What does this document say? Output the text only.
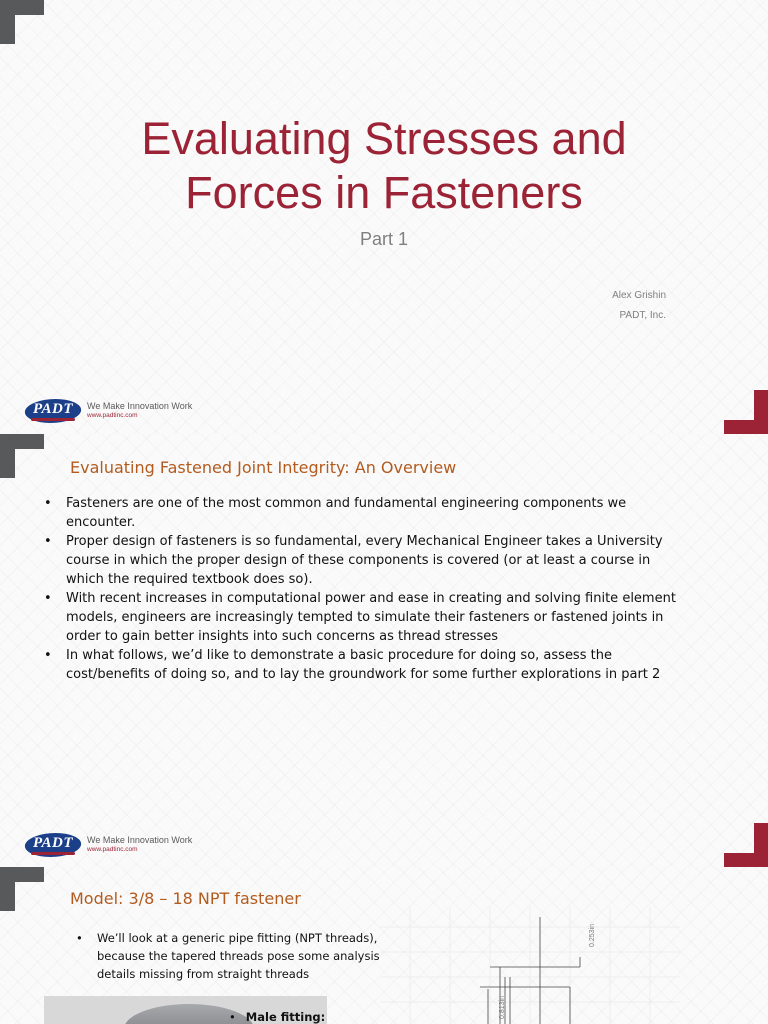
Evaluating Stresses and
Forces in Fasteners
Part 1
Alex Grishin
PADT, Inc.
PADT	We Make Innovation Work
www.padtinc.com
Evaluating Fastened Joint Integrity: An Overview
• Fasteners are one of the most common and fundamental engineering components we encounter.
• Proper design of fasteners is so fundamental, every Mechanical Engineer takes a University course in which the proper design of these components is covered (or at least a course in which the required textbook does so).
• With recent increases in computational power and ease in creating and solving finite element models, engineers are increasingly tempted to simulate their fasteners or fastened joints in order to gain better insights into such concerns as thread stresses
• In what follows, we’d like to demonstrate a basic procedure for doing so, assess the cost/benefits of doing so, and to lay the groundwork for some further explorations in part 2
PADT	We Make Innovation Work
www.padtinc.com
Model: 3/8 – 18 NPT fastener
• We’ll look at a generic pipe fitting (NPT threads), because the tapered threads pose some analysis details missing from straight threads
• Male fitting:
0.253in
0.813in
